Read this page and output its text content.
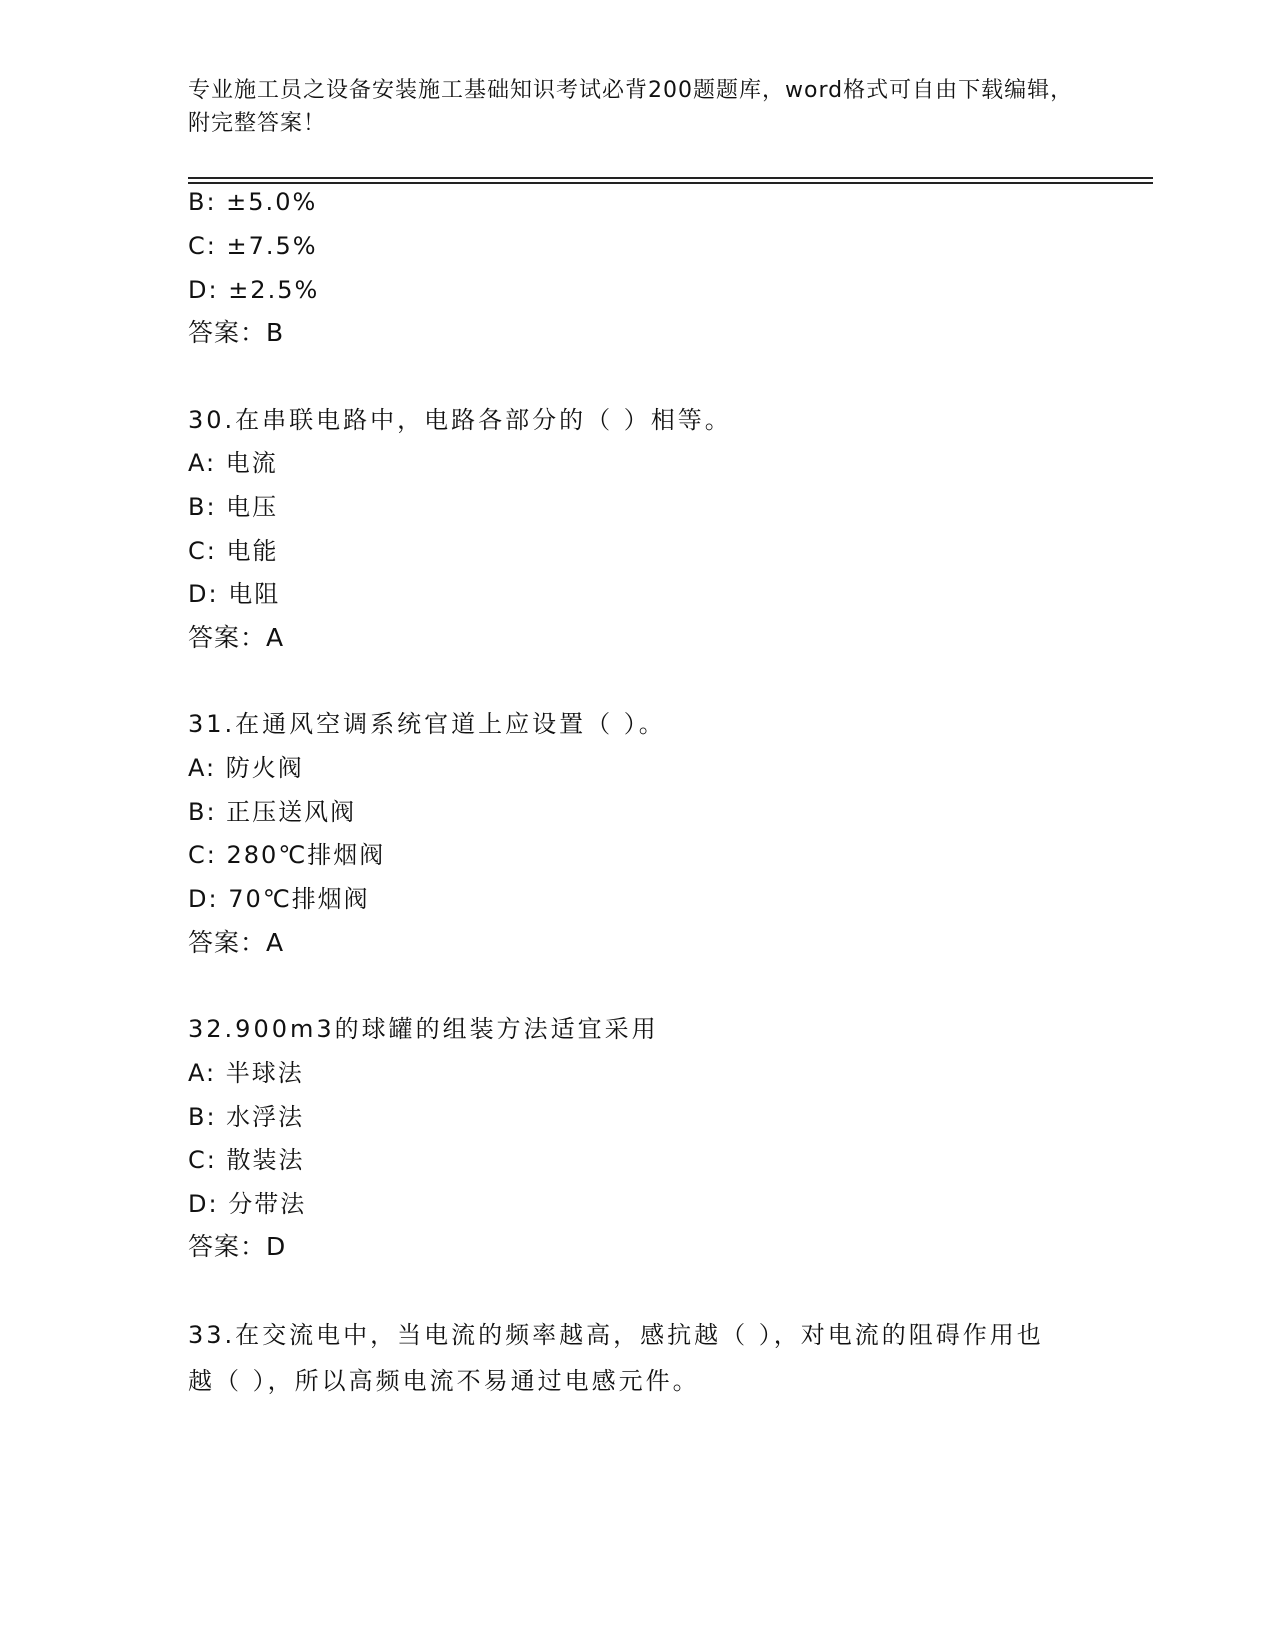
专业施工员之设备安装施工基础知识考试必背200题题库，word格式可自由下载编辑，附完整答案！
B: ±5.0%
C: ±7.5%
D: ±2.5%
答案：B
30.在串联电路中，电路各部分的（ ）相等。
A: 电流
B: 电压
C: 电能
D: 电阻
答案：A
31.在通风空调系统官道上应设置（ ）。
A: 防火阀
B: 正压送风阀
C: 280℃排烟阀
D: 70℃排烟阀
答案：A
32.900m3的球罐的组装方法适宜采用
A: 半球法
B: 水浮法
C: 散装法
D: 分带法
答案：D
33.在交流电中，当电流的频率越高，感抗越（ ），对电流的阻碍作用也越（ ），所以高频电流不易通过电感元件。
